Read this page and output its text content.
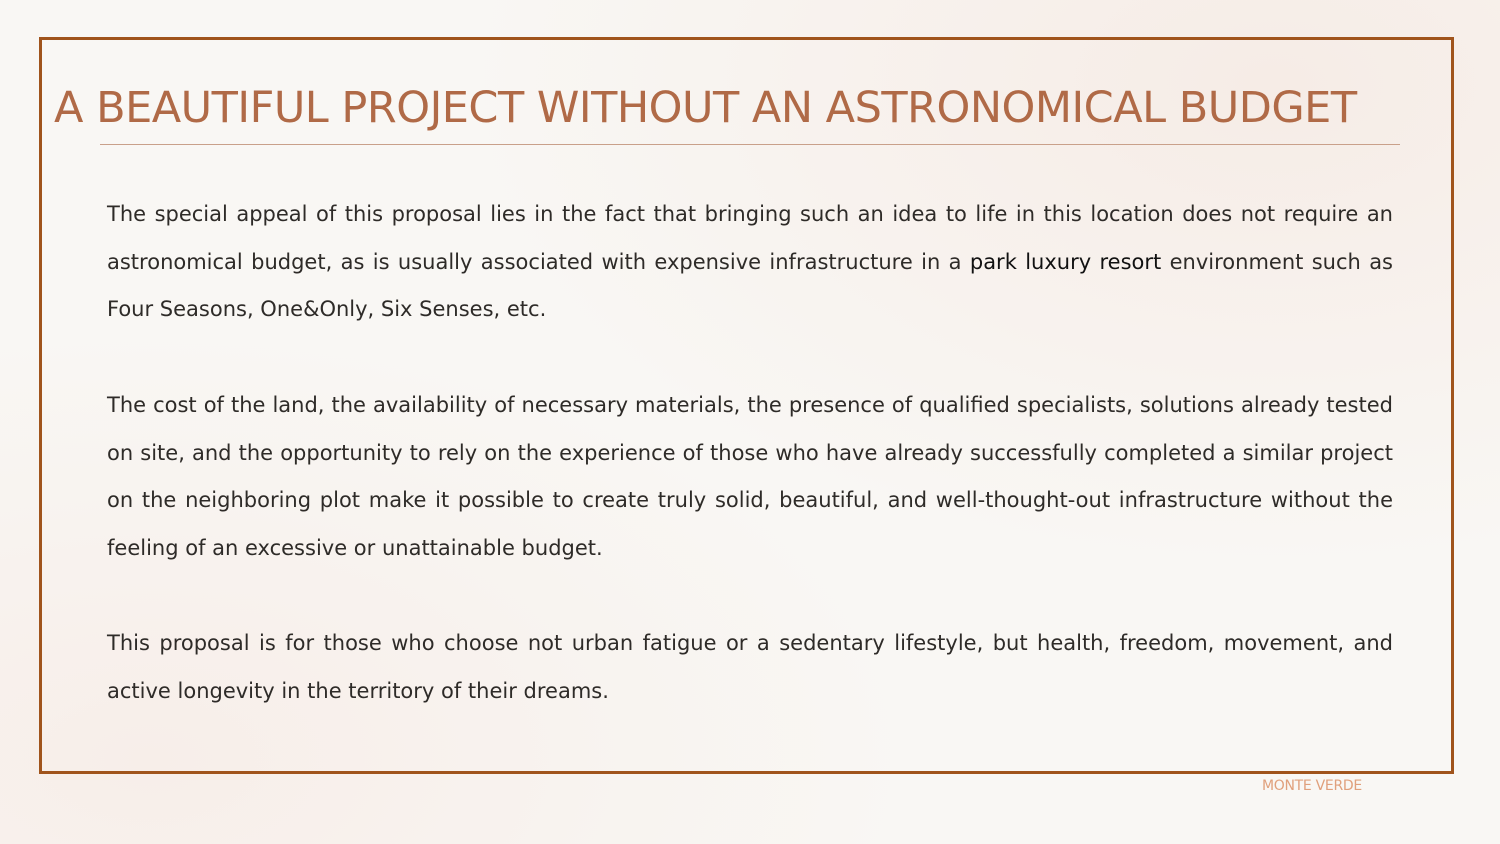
A BEAUTIFUL PROJECT WITHOUT AN ASTRONOMICAL BUDGET

The special appeal of this proposal lies in the fact that bringing such an idea to life in this location does not require an astronomical budget, as is usually associated with expensive infrastructure in a park luxury resort environment such as Four Seasons, One&Only, Six Senses, etc.

The cost of the land, the availability of necessary materials, the presence of qualified specialists, solutions already tested on site, and the opportunity to rely on the experience of those who have already successfully completed a similar project on the neighboring plot make it possible to create truly solid, beautiful, and well-thought-out infrastructure without the feeling of an excessive or unattainable budget.

This proposal is for those who choose not urban fatigue or a sedentary lifestyle, but health, freedom, movement, and active longevity in the territory of their dreams.

MONTE VERDE
